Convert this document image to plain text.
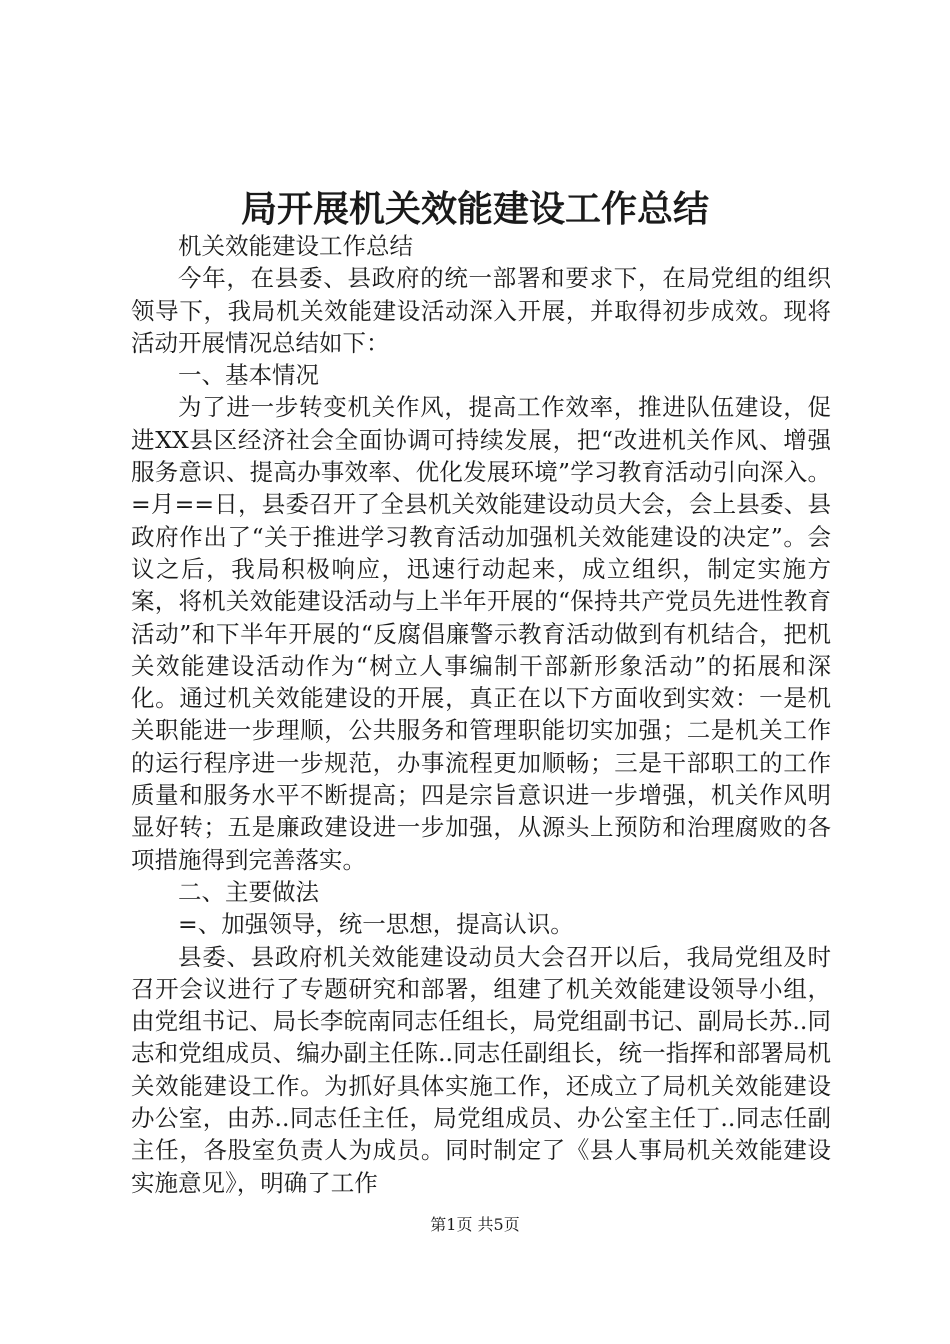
局开展机关效能建设工作总结

机关效能建设工作总结

今年，在县委、县政府的统一部署和要求下，在局党组的组织领导下，我局机关效能建设活动深入开展，并取得初步成效。现将活动开展情况总结如下：

一、基本情况

为了进一步转变机关作风，提高工作效率，推进队伍建设，促进XX县区经济社会全面协调可持续发展，把“改进机关作风、增强服务意识、提高办事效率、优化发展环境”学习教育活动引向深入。=月==日，县委召开了全县机关效能建设动员大会，会上县委、县政府作出了“关于推进学习教育活动加强机关效能建设的决定”。会议之后，我局积极响应，迅速行动起来，成立组织，制定实施方案，将机关效能建设活动与上半年开展的“保持共产党员先进性教育活动”和下半年开展的“反腐倡廉警示教育活动做到有机结合，把机关效能建设活动作为“树立人事编制干部新形象活动”的拓展和深化。通过机关效能建设的开展，真正在以下方面收到实效：一是机关职能进一步理顺，公共服务和管理职能切实加强；二是机关工作的运行程序进一步规范，办事流程更加顺畅；三是干部职工的工作质量和服务水平不断提高；四是宗旨意识进一步增强，机关作风明显好转；五是廉政建设进一步加强，从源头上预防和治理腐败的各项措施得到完善落实。

二、主要做法

=、加强领导，统一思想，提高认识。

县委、县政府机关效能建设动员大会召开以后，我局党组及时召开会议进行了专题研究和部署，组建了机关效能建设领导小组，由党组书记、局长李皖南同志任组长，局党组副书记、副局长苏..同志和党组成员、编办副主任陈..同志任副组长，统一指挥和部署局机关效能建设工作。为抓好具体实施工作，还成立了局机关效能建设办公室，由苏..同志任主任，局党组成员、办公室主任丁..同志任副主任，各股室负责人为成员。同时制定了《县人事局机关效能建设实施意见》，明确了工作

第1页 共5页
